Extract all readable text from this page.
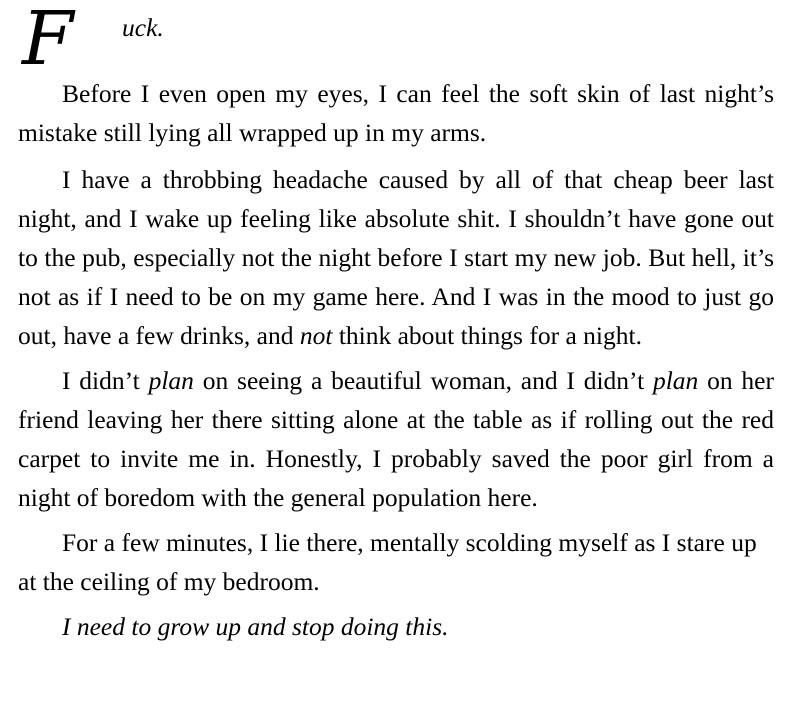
F	uck.

Before I even open my eyes, I can feel the soft skin of last night’s mistake still lying all wrapped up in my arms.

I have a throbbing headache caused by all of that cheap beer last night, and I wake up feeling like absolute shit. I shouldn’t have gone out to the pub, especially not the night before I start my new job. But hell, it’s not as if I need to be on my game here. And I was in the mood to just go out, have a few drinks, and not think about things for a night.

I didn’t plan on seeing a beautiful woman, and I didn’t plan on her friend leaving her there sitting alone at the table as if rolling out the red carpet to invite me in. Honestly, I probably saved the poor girl from a night of boredom with the general population here.

For a few minutes, I lie there, mentally scolding myself as I stare up at the ceiling of my bedroom.

I need to grow up and stop doing this.
